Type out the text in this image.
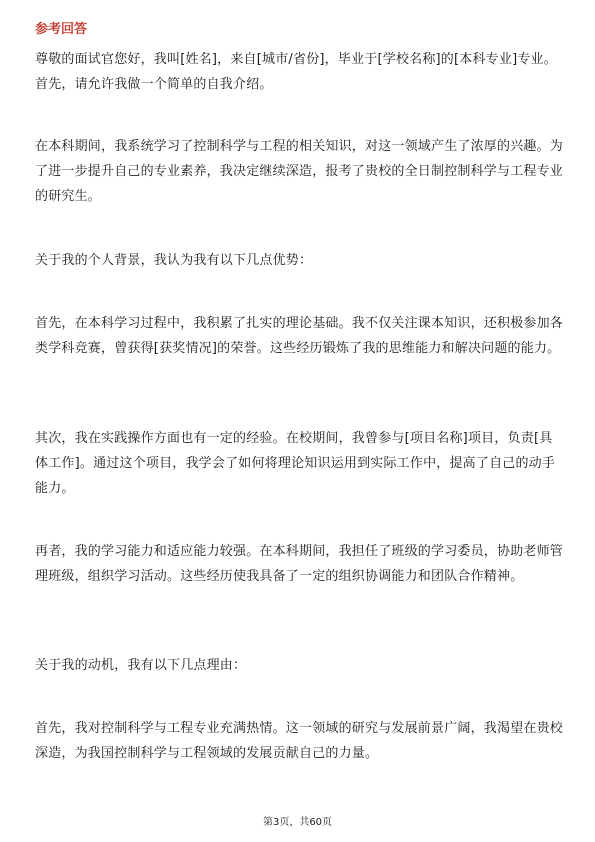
参考回答

尊敬的面试官您好，我叫[姓名]，来自[城市/省份]，毕业于[学校名称]的[本科专业]专业。首先，请允许我做一个简单的自我介绍。

在本科期间，我系统学习了控制科学与工程的相关知识，对这一领域产生了浓厚的兴趣。为了进一步提升自己的专业素养，我决定继续深造，报考了贵校的全日制控制科学与工程专业的研究生。

关于我的个人背景，我认为我有以下几点优势：

首先，在本科学习过程中，我积累了扎实的理论基础。我不仅关注课本知识，还积极参加各类学科竞赛，曾获得[获奖情况]的荣誉。这些经历锻炼了我的思维能力和解决问题的能力。

其次，我在实践操作方面也有一定的经验。在校期间，我曾参与[项目名称]项目，负责[具体工作]。通过这个项目，我学会了如何将理论知识运用到实际工作中，提高了自己的动手能力。

再者，我的学习能力和适应能力较强。在本科期间，我担任了班级的学习委员，协助老师管理班级，组织学习活动。这些经历使我具备了一定的组织协调能力和团队合作精神。

关于我的动机，我有以下几点理由：

首先，我对控制科学与工程专业充满热情。这一领域的研究与发展前景广阔，我渴望在贵校深造，为我国控制科学与工程领域的发展贡献自己的力量。

第3页，共60页
